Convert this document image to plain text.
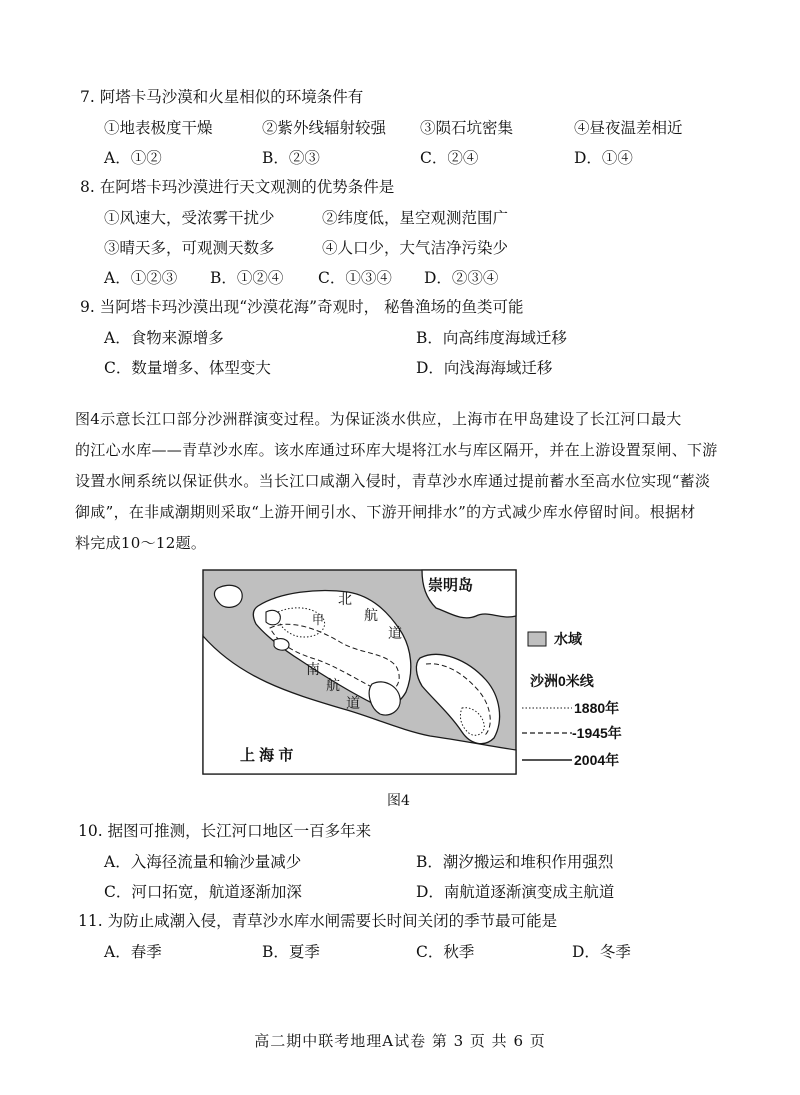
7. 阿塔卡马沙漠和火星相似的环境条件有
①地表极度干燥	②紫外线辐射较强 ③陨石坑密集	④昼夜温差相近
A．①②	B．②③	C．②④	D．①④
8. 在阿塔卡玛沙漠进行天文观测的优势条件是
①风速大，受浓雾干扰少	②纬度低，星空观测范围广
③晴天多，可观测天数多	④人口少，大气洁净污染少
A．①②③ B．①②④ C．①③④ D．②③④
9. 当阿塔卡玛沙漠出现“沙漠花海”奇观时， 秘鲁渔场的鱼类可能
A．食物来源增多	B．向高纬度海域迁移
C．数量增多、体型变大	D．向浅海海域迁移
图4示意长江口部分沙洲群演变过程。为保证淡水供应，上海市在甲岛建设了长江河口最大
的江心水库——青草沙水库。该水库通过环库大堤将江水与库区隔开，并在上游设置泵闸、下游
设置水闸系统以保证供水。当长江口咸潮入侵时，青草沙水库通过提前蓄水至高水位实现“蓄淡
御咸”，在非咸潮期则采取“上游开闸引水、下游开闸排水”的方式减少库水停留时间。根据材
料完成10～12题。
崇明岛
北
航
道
甲
南
航
道
上 海 市
水域
沙洲0米线
1880年
-1945年
2004年
图4
10. 据图可推测，长江河口地区一百多年来
A．入海径流量和输沙量减少	B．潮汐搬运和堆积作用强烈
C．河口拓宽，航道逐渐加深	D．南航道逐渐演变成主航道
11. 为防止咸潮入侵，青草沙水库水闸需要长时间关闭的季节最可能是
A．春季	B．夏季	C．秋季	D．冬季
高二期中联考地理A试卷 第 3 页 共 6 页
